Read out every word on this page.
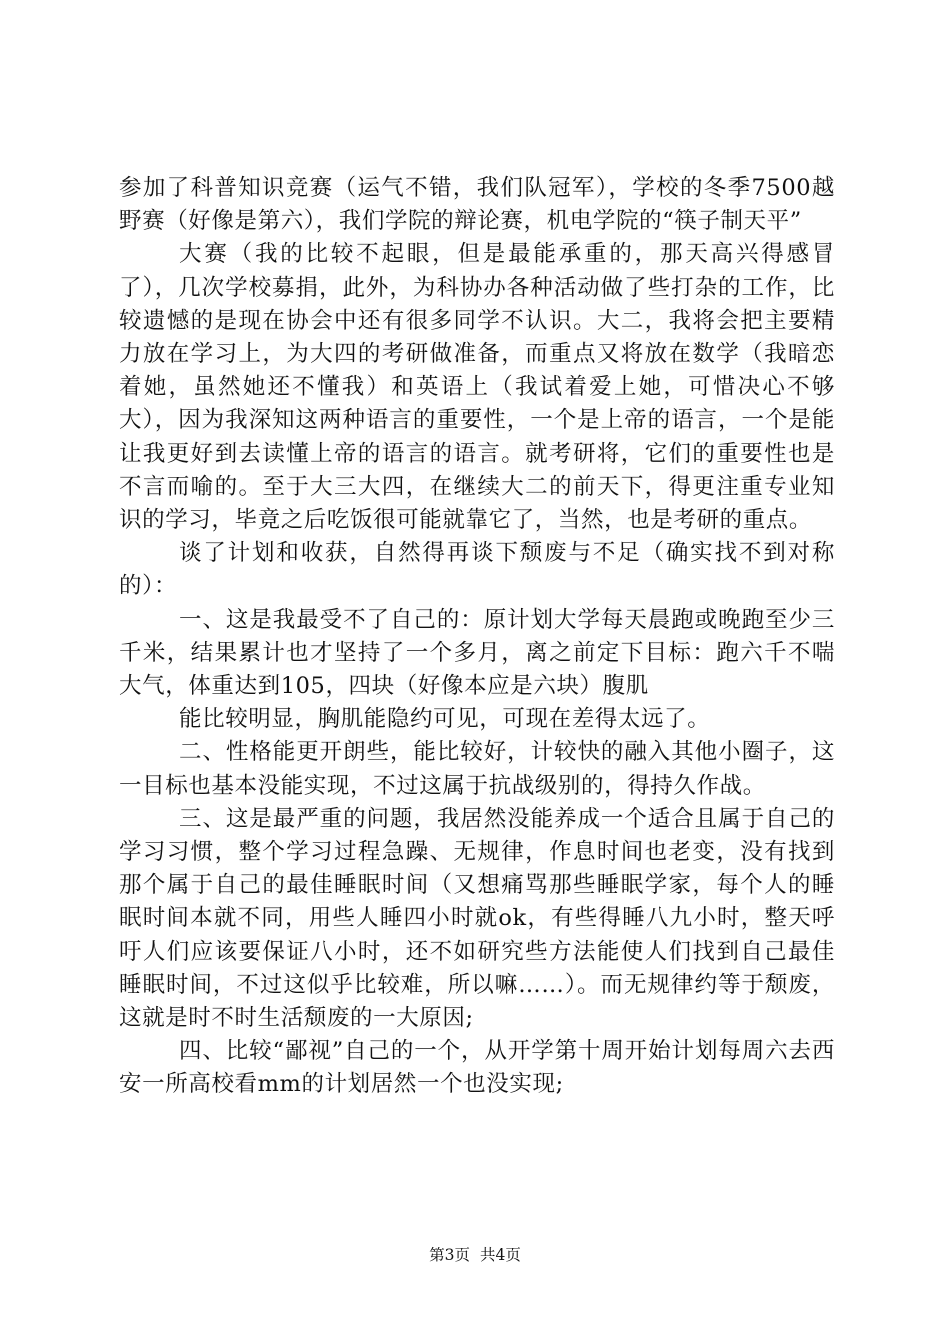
参加了科普知识竞赛（运气不错，我们队冠军），学校的冬季7500越野赛（好像是第六），我们学院的辩论赛，机电学院的“筷子制天平”

大赛（我的比较不起眼，但是最能承重的，那天高兴得感冒了），几次学校募捐，此外，为科协办各种活动做了些打杂的工作，比较遗憾的是现在协会中还有很多同学不认识。大二，我将会把主要精力放在学习上，为大四的考研做准备，而重点又将放在数学（我暗恋着她，虽然她还不懂我）和英语上（我试着爱上她，可惜决心不够大），因为我深知这两种语言的重要性，一个是上帝的语言，一个是能让我更好到去读懂上帝的语言的语言。就考研将，它们的重要性也是不言而喻的。至于大三大四，在继续大二的前天下，得更注重专业知识的学习，毕竟之后吃饭很可能就靠它了，当然，也是考研的重点。

谈了计划和收获，自然得再谈下颓废与不足（确实找不到对称的）：

一、这是我最受不了自己的：原计划大学每天晨跑或晚跑至少三千米，结果累计也才坚持了一个多月，离之前定下目标：跑六千不喘大气，体重达到105，四块（好像本应是六块）腹肌

能比较明显，胸肌能隐约可见，可现在差得太远了。

二、性格能更开朗些，能比较好，计较快的融入其他小圈子，这一目标也基本没能实现，不过这属于抗战级别的，得持久作战。

三、这是最严重的问题，我居然没能养成一个适合且属于自己的学习习惯，整个学习过程急躁、无规律，作息时间也老变，没有找到那个属于自己的最佳睡眠时间（又想痛骂那些睡眠学家，每个人的睡眠时间本就不同，用些人睡四小时就ok，有些得睡八九小时，整天呼吁人们应该要保证八小时，还不如研究些方法能使人们找到自己最佳睡眠时间，不过这似乎比较难，所以嘛……）。而无规律约等于颓废，这就是时不时生活颓废的一大原因;

四、比较“鄙视”自己的一个，从开学第十周开始计划每周六去西安一所高校看mm的计划居然一个也没实现;

第3页 共4页
